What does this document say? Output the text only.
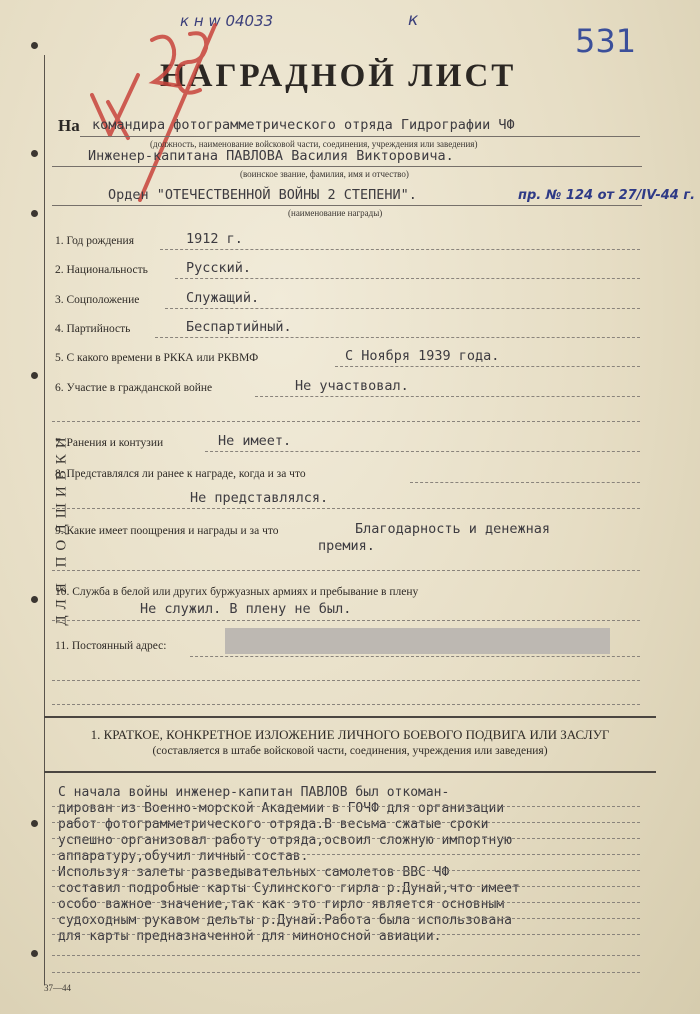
ДЛЯ ПОДШИВКИ
к н w 04033	к
531
НАГРАДНОЙ ЛИСТ
На командира фотограмметрического отряда Гидрографии ЧФ
(должность, наименование войсковой части, соединения, учреждения или заведения)
Инженер-капитана ПАВЛОВА Василия Викторовича.
(воинское звание, фамилия, имя и отчество)
Орден "ОТЕЧЕСТВЕННОЙ ВОЙНЫ 2 СТЕПЕНИ".	пр. № 124 от 27/IV-44 г.
(наименование награды)
1. Год рождения	1912 г.
2. Национальность	Русский.
3. Соцположение	Служащий.
4. Партийность	Беспартийный.
5. С какого времени в РККА или РКВМФ	С Ноября 1939 года.
6. Участие в гражданской войне	Не участвовал.
7. Ранения и контузии	Не имеет.
8. Представлялся ли ранее к награде, когда и за что
Не представлялся.
9. Какие имеет поощрения и награды и за что	Благодарность и денежная
премия.
10. Служба в белой или других буржуазных армиях и пребывание в плену
Не служил. В плену не был.
11. Постоянный адрес:
1. КРАТКОЕ, КОНКРЕТНОЕ ИЗЛОЖЕНИЕ ЛИЧНОГО БОЕВОГО ПОДВИГА ИЛИ ЗАСЛУГ
(составляется в штабе войсковой части, соединения, учреждения или заведения)
С начала войны инженер-капитан ПАВЛОВ был откоман-
дирован из Военно-морской Академии в ГОЧФ для организации
работ фотограмметрического отряда.В весьма сжатые сроки
успешно организовал работу отряда,освоил сложную импортную
аппаратуру,обучил личный состав.
Используя залеты разведывательных самолетов ВВС ЧФ
составил подробные карты Сулинского гирла р.Дунай,что имеет
особо важное значение,так как это гирло является основным
судоходным рукавом дельты р.Дунай.Работа была использована
для карты предназначенной для миноносной авиации.
37—44
